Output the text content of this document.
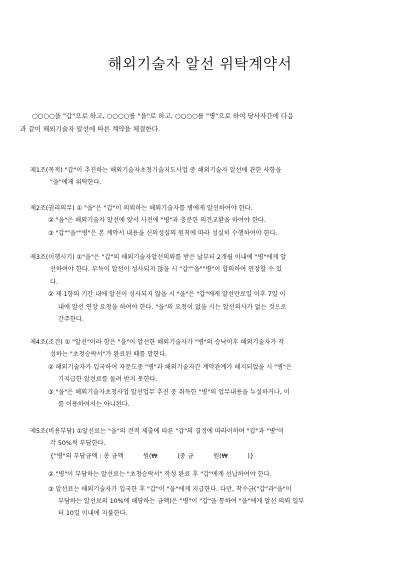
해외기술자 알선 위탁계약서
○○○○을 "갑"으로 하고, ○○○○를 "을"로 하고, ○○○○를 "병"으로 하여 당사자간에 다음
과 같이 해외기술자 알선에 따른 계약을 체결한다.
제1조(목적) "갑"이 추진하는 해외기술자초청기술지도사업 중 해외기술자 알선에 관한 사항을
"을"에게 위탁한다.
제2조(권리의무) ① "을"은 "갑"이 의뢰하는 해외기술자를 병에게 알선하여야 한다.
② "을"은 해외기술자 알선에 앞서 사전에 "병"과 충분한 의견교환을 하여야 한다.
③ "갑""을""병"은 본 계약서 내용을 신의성실의 원칙에 따라 성실히 수행하여야 한다.
제3조(이행시기) ①"을"은 "갑"의 해외기술자알선의뢰를 받은 날부터 2개월 이내에 "병"에게 알
선하여야 한다. 부득이 알선이 성사되지 않을 시 "갑""을""병"이 합의하여 연장할 수 있
다.
② 제 1항의 기간 내에 알선이 성사되지 않을 시 "을"은 "갑"에게 알선만료일 이후 7일 이
내에 알선 연장 요청을 하여야 한다. "을"의 요청이 없을 시는 알선의사가 없는 것으로
간주한다.
제4조(조건) ① "알선"이라 함은 "을"이 알선한 해외기술자가 "병"의 승낙이후 해외기술자가 작
성하는 "초청승락서"가 완료된 때를 말한다.
② 해외기술자가 입국하여 자문도중 "병"과 해외기술자간 계약관계가 해지되었을 시 "병"은
기지급한 알선료를 돌려 받지 못한다.
③ "을"은 해외기술자초청사업 알선업무 추진 중 취득한 "병"의 업무내용을 누설하거나, 이
를 이용하여서는 아니된다.
제5조(비용부담) ①알선료는 "을"의 견적 제출에 따른 "갑"의 결정에 따라이하며 "갑"과 "병"이
각 50%씩 부담한다.
{"병"의 부담금액 : 총 금액          원(₩          )중 금          원(₩          )}
② "병"이 부담하는 알선료는 "초청승락서" 작성 완료 후 "갑"에게 선납하여야 한다.
③ 알선료는 해외기술자가 입국한 후 "갑"이 "을"에게 지급한다. 다만, 착수금("갑"과"을"이
부담하는 알선료의 10%에 해당하는 금액)은 "병"이 "갑"을 통하여 "을"에게 알선 의뢰 일부
터 10일 이내에 지불한다.
